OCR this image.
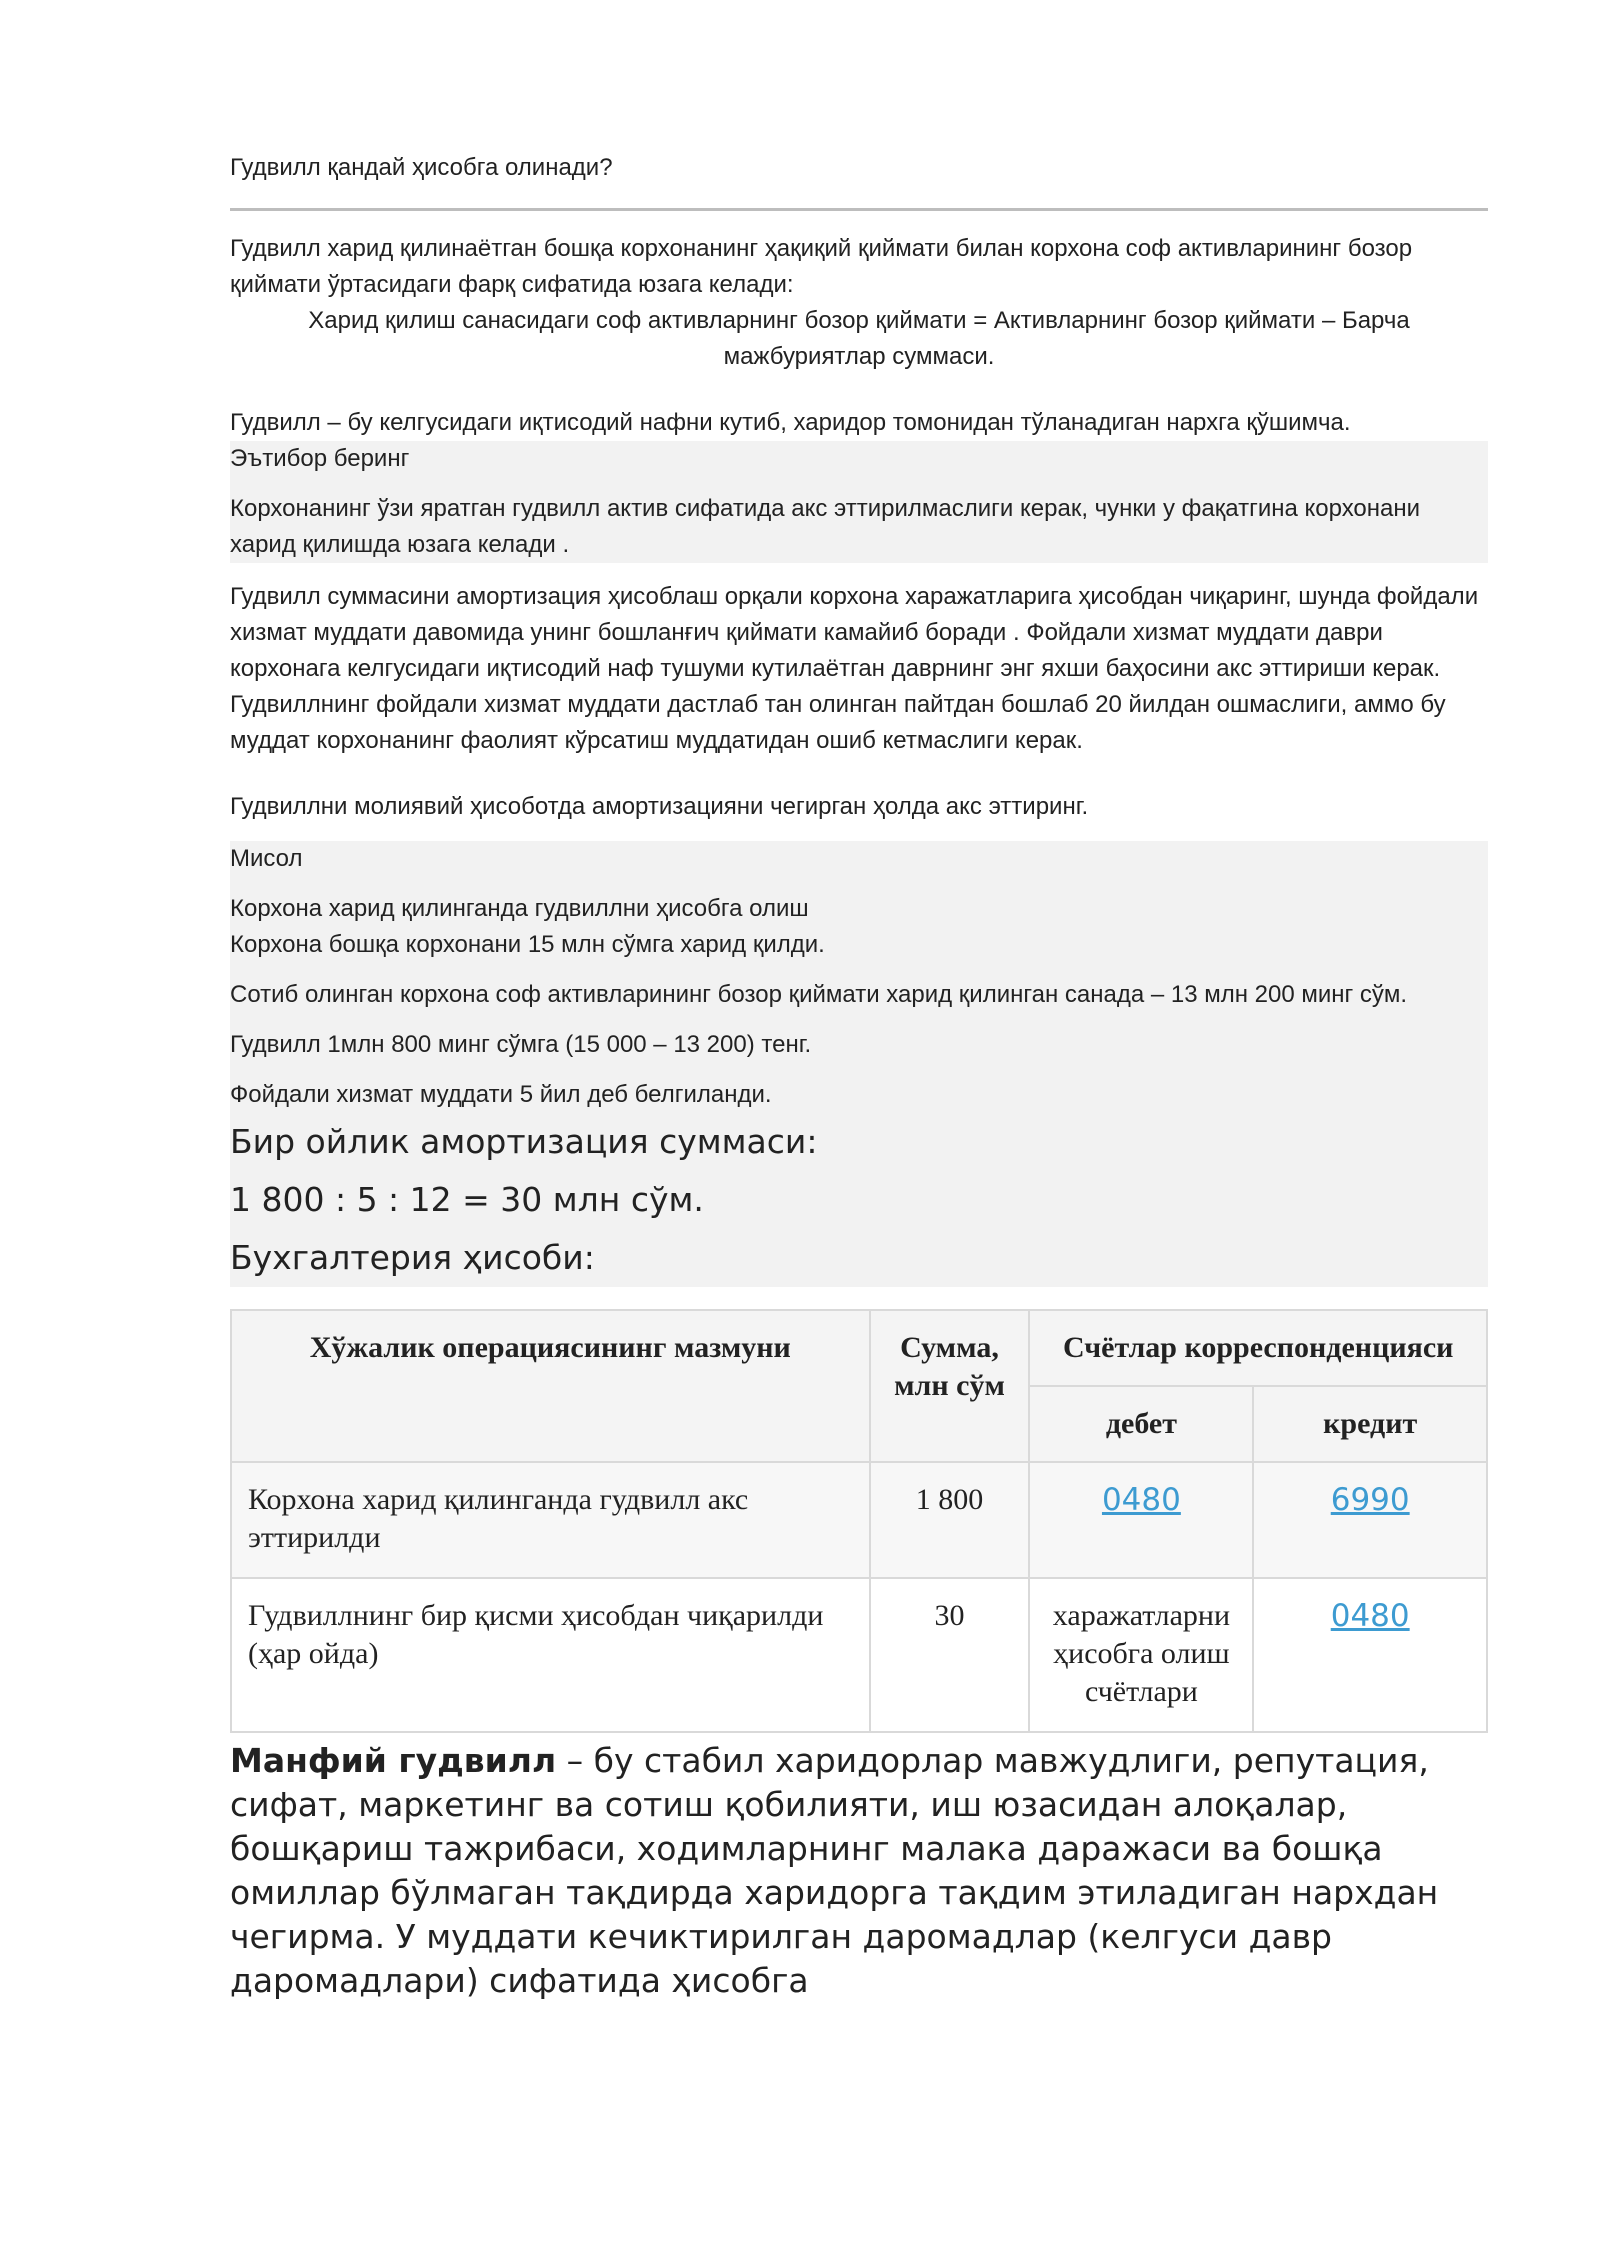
Гудвилл қандай ҳисобга олинади?

Гудвилл харид қилинаётган бошқа корхонанинг ҳақиқий қиймати билан корхона соф активларининг бозор қиймати ўртасидаги фарқ сифатида юзага келади:

Харид қилиш санасидаги соф активларнинг бозор қиймати = Активларнинг бозор қиймати – Барча мажбуриятлар суммаси.

Гудвилл – бу келгусидаги иқтисодий нафни кутиб, харидор томонидан тўланадиган нархга қўшимча.

Эътибор беринг

Корхонанинг ўзи яратган гудвилл актив сифатида акс эттирилмаслиги керак, чунки у фақатгина корхонани харид қилишда юзага келади .

Гудвилл суммасини амортизация ҳисоблаш орқали корхона харажатларига ҳисобдан чиқаринг, шунда фойдали хизмат муддати давомида унинг бошланғич қиймати камайиб боради . Фойдали хизмат муддати даври корхонага келгусидаги иқтисодий наф тушуми кутилаётган даврнинг энг яхши баҳосини акс эттириши керак. Гудвиллнинг фойдали хизмат муддати дастлаб тан олинган пайтдан бошлаб 20 йилдан ошмаслиги, аммо бу муддат корхонанинг фаолият кўрсатиш муддатидан ошиб кетмаслиги керак.

Гудвиллни молиявий ҳисоботда амортизацияни чегирган ҳолда акс эттиринг.

Мисол

Корхона харид қилинганда гудвиллни ҳисобга олиш

Корхона бошқа корхонани 15 млн сўмга харид қилди.

Сотиб олинган корхона соф активларининг бозор қиймати харид қилинган санада – 13 млн 200 минг сўм.

Гудвилл 1млн 800 минг сўмга (15 000 – 13 200) тенг.

Фойдали хизмат муддати 5 йил деб белгиланди.

Бир ойлик амортизация суммаси:

1 800 : 5 : 12 = 30 млн сўм.

Бухгалтерия ҳисоби:

Хўжалик операциясининг мазмуни	Сумма, млн сўм	Счётлар корреспонденцияси	
		дебет	кредит
Корхона харид қилинганда гудвилл акс эттирилди	1 800	0480	6990
Гудвиллнинг бир қисми ҳисобдан чиқарилди (ҳар ойда)	30	харажатларни ҳисобга олиш счётлари	0480

Манфий гудвилл – бу стабил харидорлар мавжудлиги, репутация, сифат, маркетинг ва сотиш қобилияти, иш юзасидан алоқалар, бошқариш тажрибаси, ходимларнинг малака даражаси ва бошқа омиллар бўлмаган тақдирда харидорга тақдим этиладиган нархдан чегирма. У муддати кечиктирилган даромадлар (келгуси давр даромадлари) сифатида ҳисобга
